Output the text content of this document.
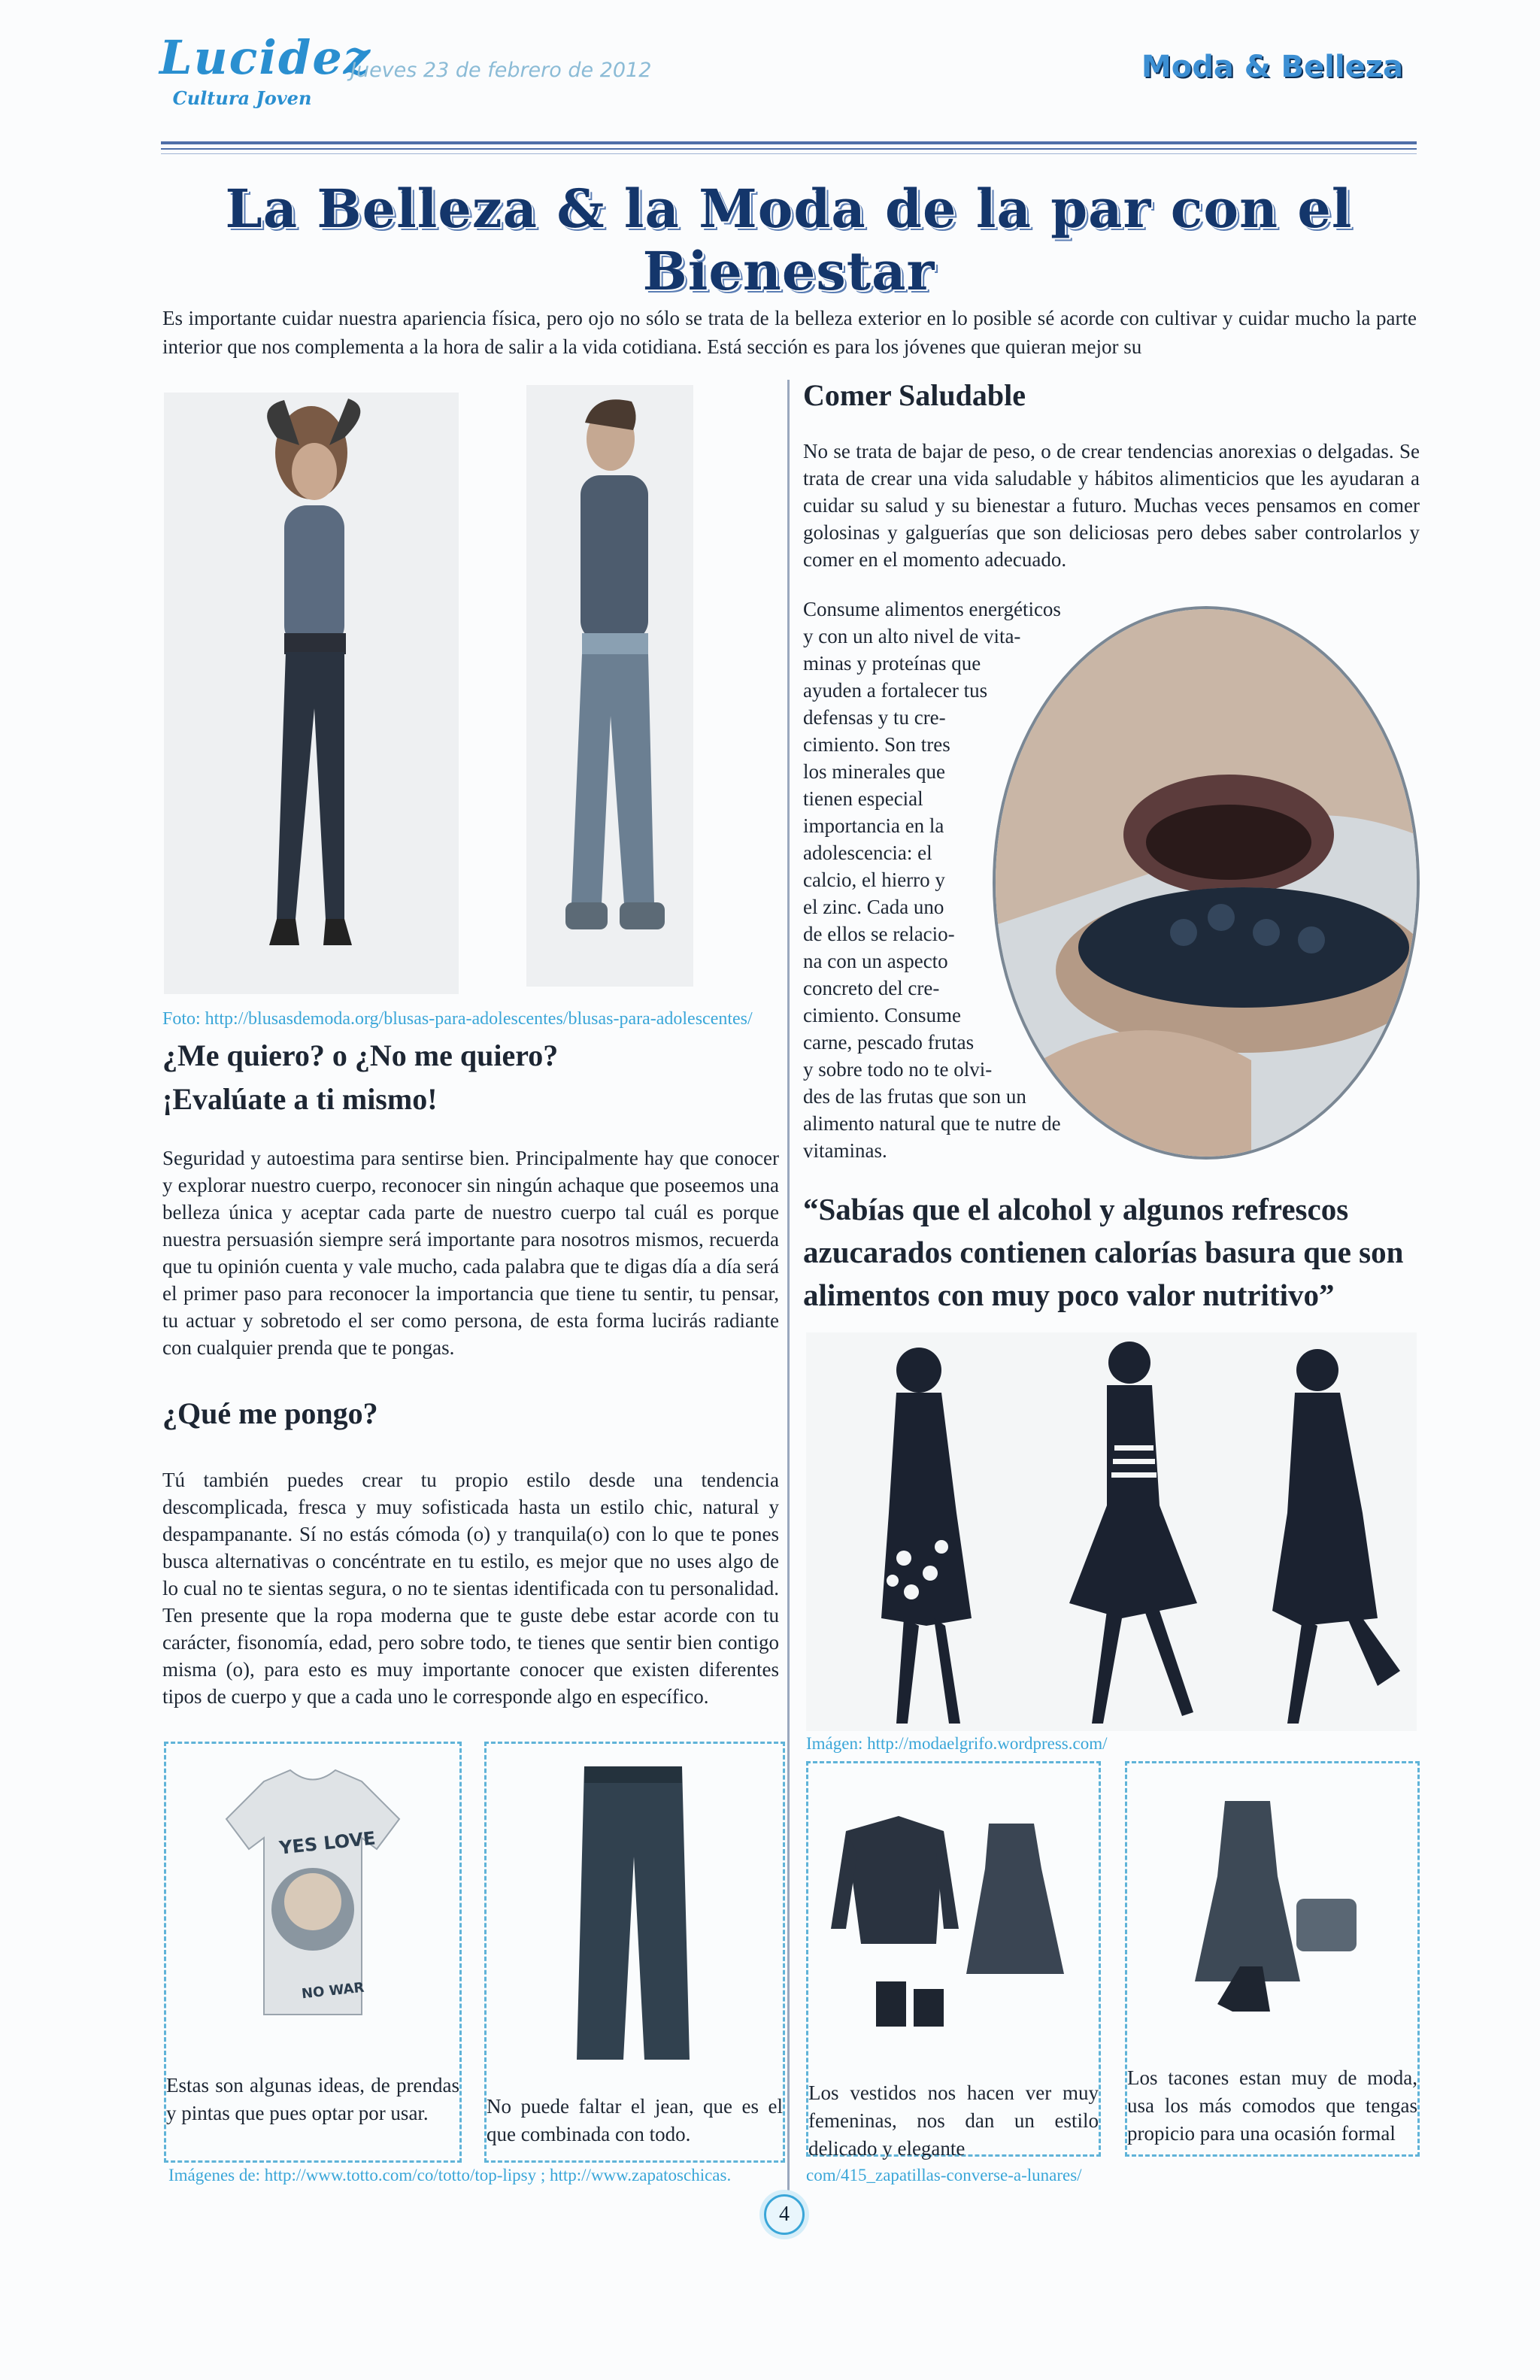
Lucidez
Cultura Joven
Jueves 23 de febrero de 2012	Moda & Belleza
La Belleza & la Moda de la par con el Bienestar
Es importante cuidar nuestra apariencia física, pero ojo no sólo se trata de la belleza exterior en lo posible sé acorde con cultivar y cuidar mucho la parte interior que nos complementa a la hora de salir a la vida cotidiana. Está sección es para los jóvenes que quieran mejor su
Foto: http://blusasdemoda.org/blusas-para-adolescentes/blusas-para-adolescentes/
¿Me quiero? o ¿No me quiero?
¡Evalúate a ti mismo!
Seguridad y autoestima para sentirse bien. Principalmente hay que conocer y explorar nuestro cuerpo, reconocer sin ningún achaque que poseemos una belleza única y aceptar cada parte de nuestro cuerpo tal cuál es porque nuestra persuasión siempre será importante para nosotros mismos, recuerda que tu opinión cuenta y vale mucho, cada palabra que te digas día a día será el primer paso para reconocer la importancia que tiene tu sentir, tu pensar, tu actuar y sobretodo el ser como persona, de esta forma lucirás radiante con cualquier prenda que te pongas.
¿Qué me pongo?
Tú también puedes crear tu propio estilo desde una tendencia descomplicada, fresca y muy sofisticada hasta un estilo chic, natural y despampanante. Sí no estás cómoda (o) y tranquila(o) con lo que te pones busca alternativas o concéntrate en tu estilo, es mejor que no uses algo de lo cual no te sientas segura, o no te sientas identificada con tu personalidad. Ten presente que la ropa moderna que te guste debe estar acorde con tu carácter, fisonomía, edad, pero sobre todo, te tienes que sentir bien contigo misma (o), para esto es muy importante conocer que existen diferentes tipos de cuerpo y que a cada uno le corresponde algo en específico.
YES LOVE
NO WAR
Estas son algunas ideas, de prendas y pintas que pues optar por usar.	No puede faltar el jean, que es el que combinada con todo.
Imágenes de: http://www.totto.com/co/totto/top-lipsy ; http://www.zapatoschicas.
Comer Saludable
No se trata de bajar de peso, o de crear tendencias anorexias o delgadas. Se trata de crear una vida saludable y hábitos alimenticios que les ayudaran a cuidar su salud y su bienestar a futuro. Muchas veces pensamos en comer golosinas y galguerías que son deliciosas pero debes saber controlarlos y comer en el momento adecuado.
Consume alimentos energéticos
y con un alto nivel de vita-
minas y proteínas que
ayuden a fortalecer tus
defensas y tu cre-
cimiento. Son tres
los minerales que
tienen especial
importancia en la
adolescencia: el
calcio, el hierro y
el zinc. Cada uno
de ellos se relacio-
na con un aspecto
concreto del cre-
cimiento. Consume
carne, pescado frutas
y sobre todo no te olvi-
des de las frutas que son un
alimento natural que te nutre de
vitaminas.
“Sabías que el alcohol y algunos refrescos azucarados contienen calorías basura que son alimentos con muy poco valor nutritivo”
Imágen: http://modaelgrifo.wordpress.com/
Los vestidos nos hacen ver muy femeninas, nos dan un estilo delicado y elegante
com/415_zapatillas-converse-a-lunares/
Los tacones estan muy de moda, usa los más comodos que tengas propicio para una ocasión formal
4
